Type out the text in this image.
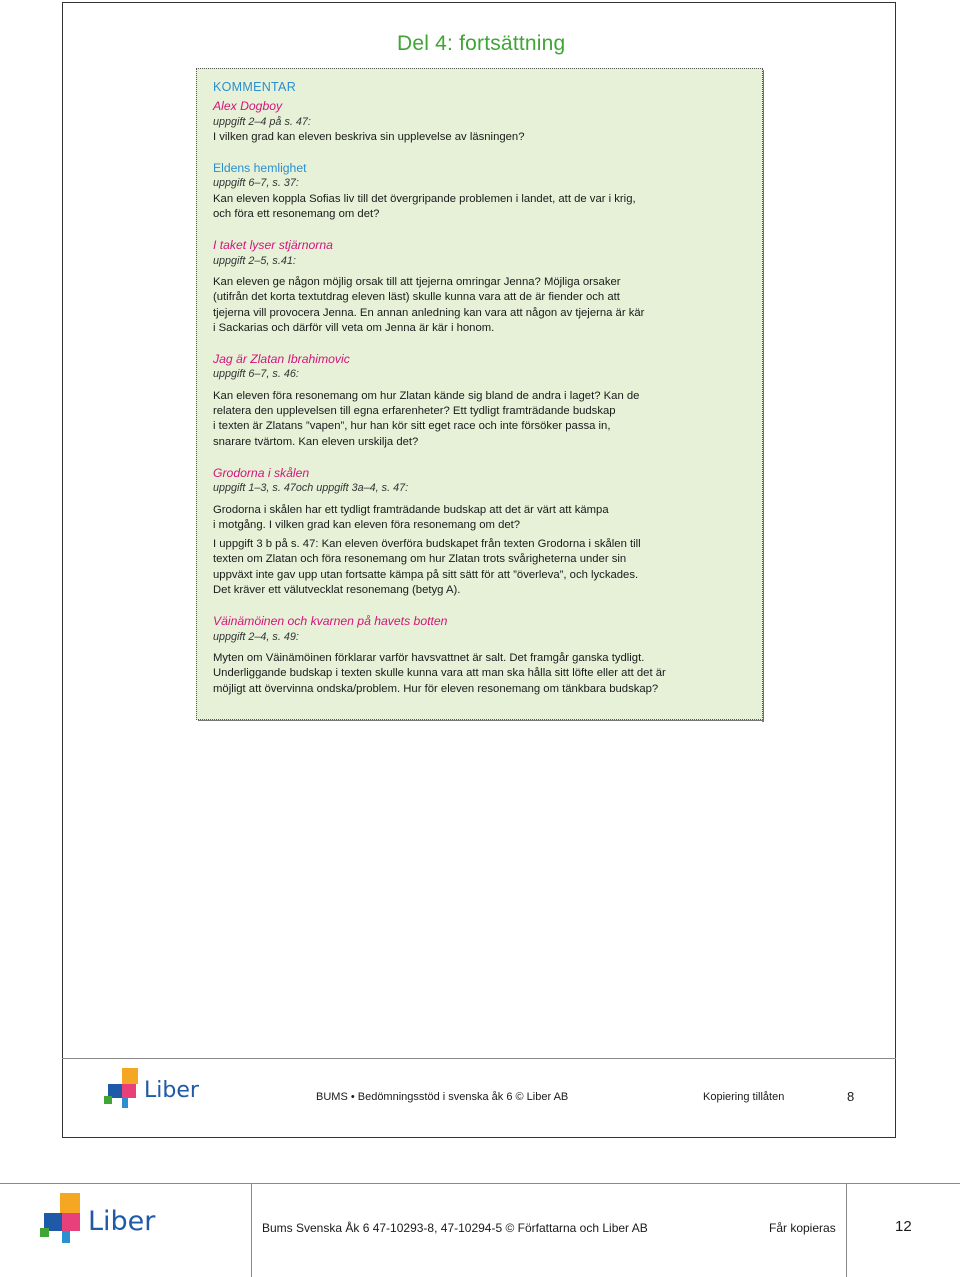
Del 4: fortsättning
KOMMENTAR
Alex Dogboy
uppgift 2–4 på s. 47:
I vilken grad kan eleven beskriva sin upplevelse av läsningen?
Eldens hemlighet
uppgift 6–7, s. 37:
Kan eleven koppla Sofias liv till det övergripande problemen i landet, att de var i krig,
och föra ett resonemang om det?
I taket lyser stjärnorna
uppgift 2–5, s.41:
Kan eleven ge någon möjlig orsak till att tjejerna omringar Jenna? Möjliga orsaker
(utifrån det korta textutdrag eleven läst) skulle kunna vara att de är fiender och att
tjejerna vill provocera Jenna. En annan anledning kan vara att någon av tjejerna är kär
i Sackarias och därför vill veta om Jenna är kär i honom.
Jag är Zlatan Ibrahimovic
uppgift 6–7, s. 46:
Kan eleven föra resonemang om hur Zlatan kände sig bland de andra i laget? Kan de
relatera den upplevelsen till egna erfarenheter? Ett tydligt framträdande budskap
i texten är Zlatans ”vapen”, hur han kör sitt eget race och inte försöker passa in,
snarare tvärtom. Kan eleven urskilja det?
Grodorna i skålen
uppgift 1–3, s. 47och uppgift 3a–4, s. 47:
Grodorna i skålen har ett tydligt framträdande budskap att det är värt att kämpa
i motgång. I vilken grad kan eleven föra resonemang om det?
I uppgift 3 b på s. 47: Kan eleven överföra budskapet från texten Grodorna i skålen till
texten om Zlatan och föra resonemang om hur Zlatan trots svårigheterna under sin
uppväxt inte gav upp utan fortsatte kämpa på sitt sätt för att ”överleva”, och lyckades.
Det kräver ett välutvecklat resonemang (betyg A).
Väinämöinen och kvarnen på havets botten
uppgift 2–4, s. 49:
Myten om Väinämöinen förklarar varför havsvattnet är salt. Det framgår ganska tydligt.
Underliggande budskap i texten skulle kunna vara att man ska hålla sitt löfte eller att det är
möjligt att övervinna ondska/problem. Hur för eleven resonemang om tänkbara budskap?
Liber	BUMS • Bedömningsstöd i svenska åk 6 © Liber AB	Kopiering tillåten	8
Liber	Bums Svenska Åk 6 47-10293-8, 47-10294-5 © Författarna och Liber AB	Får kopieras	12
